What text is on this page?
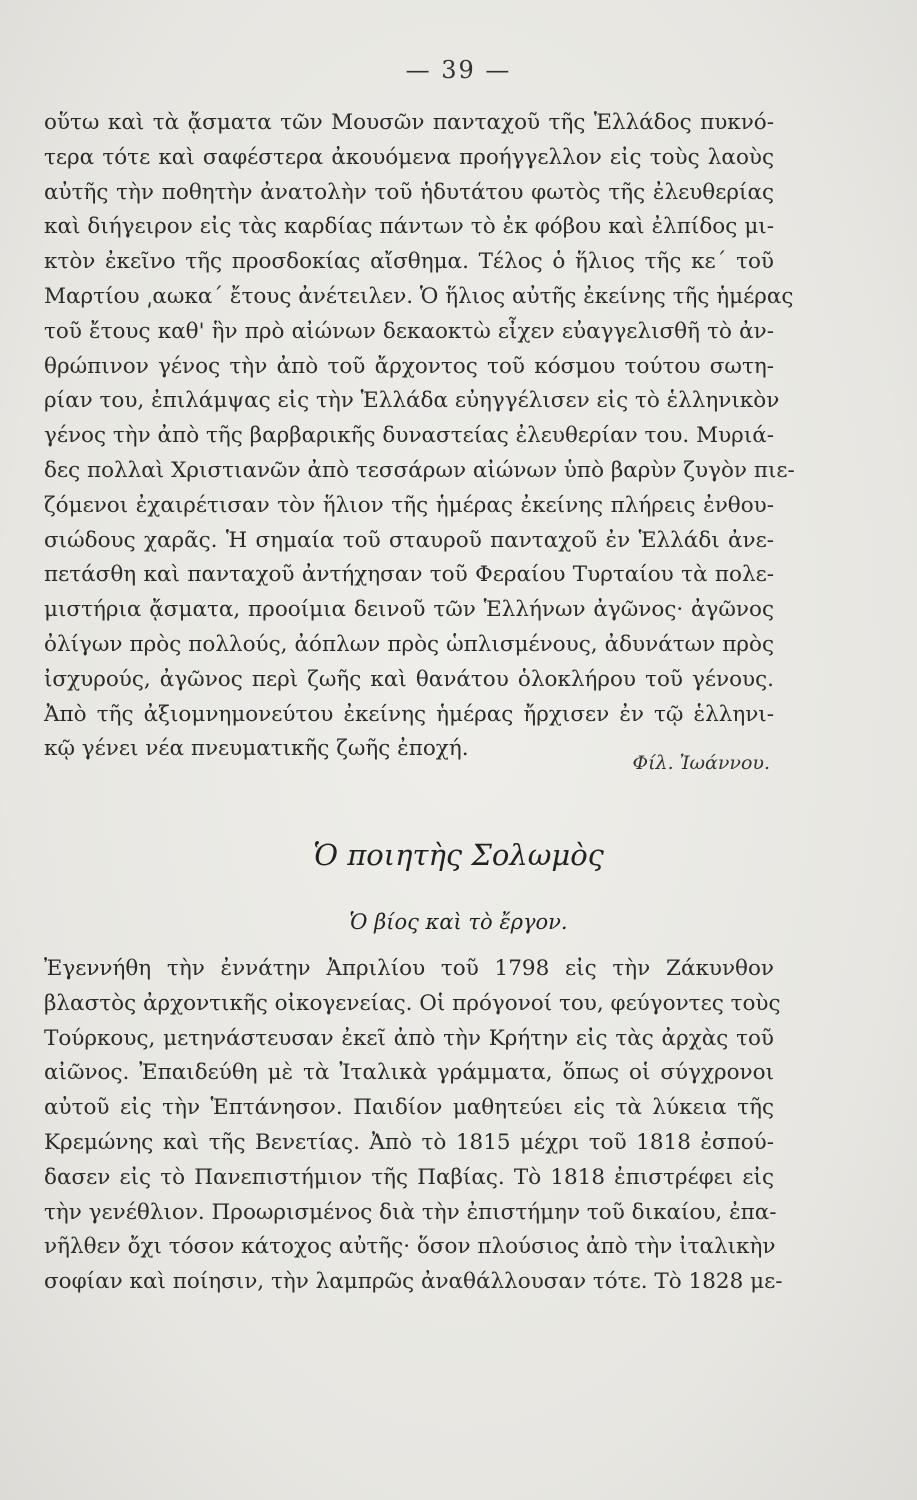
— 39 —
οὕτω καὶ τὰ ᾄσματα τῶν Μουσῶν πανταχοῦ τῆς Ἑλλάδος πυκνό-
τερα τότε καὶ σαφέστερα ἀκουόμενα προήγγελλον εἰς τοὺς λαοὺς
αὐτῆς τὴν ποθητὴν ἀνατολὴν τοῦ ἡδυτάτου φωτὸς τῆς ἐλευθερίας
καὶ διήγειρον εἰς τὰς καρδίας πάντων τὸ ἐκ φόβου καὶ ἐλπίδος μι-
κτὸν ἐκεῖνο τῆς προσδοκίας αἴσθημα. Τέλος ὁ ἥλιος τῆς κε´ τοῦ
Μαρτίου ͵αωκα´ ἔτους ἀνέτειλεν. Ὁ ἥλιος αὐτῆς ἐκείνης τῆς ἡμέρας
τοῦ ἔτους καθ' ἣν πρὸ αἰώνων δεκαοκτὼ εἶχεν εὐαγγελισθῆ τὸ ἀν-
θρώπινον γένος τὴν ἀπὸ τοῦ ἄρχοντος τοῦ κόσμου τούτου σωτη-
ρίαν του, ἐπιλάμψας εἰς τὴν Ἑλλάδα εὐηγγέλισεν εἰς τὸ ἑλληνικὸν
γένος τὴν ἀπὸ τῆς βαρβαρικῆς δυναστείας ἐλευθερίαν του. Μυριά-
δες πολλαὶ Χριστιανῶν ἀπὸ τεσσάρων αἰώνων ὑπὸ βαρὺν ζυγὸν πιε-
ζόμενοι ἐχαιρέτισαν τὸν ἥλιον τῆς ἡμέρας ἐκείνης πλήρεις ἐνθου-
σιώδους χαρᾶς. Ἡ σημαία τοῦ σταυροῦ πανταχοῦ ἐν Ἑλλάδι ἀνε-
πετάσθη καὶ πανταχοῦ ἀντήχησαν τοῦ Φεραίου Τυρταίου τὰ πολε-
μιστήρια ᾄσματα, προοίμια δεινοῦ τῶν Ἑλλήνων ἀγῶνος· ἀγῶνος
ὀλίγων πρὸς πολλούς, ἀόπλων πρὸς ὡπλισμένους, ἀδυνάτων πρὸς
ἰσχυρούς, ἀγῶνος περὶ ζωῆς καὶ θανάτου ὁλοκλήρου τοῦ γένους.
Ἀπὸ τῆς ἀξιομνημονεύτου ἐκείνης ἡμέρας ἤρχισεν ἐν τῷ ἑλληνι-
κῷ γένει νέα πνευματικῆς ζωῆς ἐποχή.
Φίλ. Ἰωάννου.
Ὁ ποιητὴς Σολωμὸς
Ὁ βίος καὶ τὸ ἔργον.
Ἐγεννήθη τὴν ἐννάτην Ἀπριλίου τοῦ 1798 εἰς τὴν Ζάκυνθον
βλαστὸς ἀρχοντικῆς οἰκογενείας. Οἱ πρόγονοί του, φεύγοντες τοὺς
Τούρκους, μετηνάστευσαν ἐκεῖ ἀπὸ τὴν Κρήτην εἰς τὰς ἀρχὰς τοῦ
αἰῶνος. Ἐπαιδεύθη μὲ τὰ Ἰταλικὰ γράμματα, ὅπως οἱ σύγχρονοι
αὐτοῦ εἰς τὴν Ἑπτάνησον. Παιδίον μαθητεύει εἰς τὰ λύκεια τῆς
Κρεμώνης καὶ τῆς Βενετίας. Ἀπὸ τὸ 1815 μέχρι τοῦ 1818 ἐσπού-
δασεν εἰς τὸ Πανεπιστήμιον τῆς Παβίας. Τὸ 1818 ἐπιστρέφει εἰς
τὴν γενέθλιον. Προωρισμένος διὰ τὴν ἐπιστήμην τοῦ δικαίου, ἐπα-
νῆλθεν ὄχι τόσον κάτοχος αὐτῆς· ὅσον πλούσιος ἀπὸ τὴν ἰταλικὴν
σοφίαν καὶ ποίησιν, τὴν λαμπρῶς ἀναθάλλουσαν τότε. Τὸ 1828 με-
